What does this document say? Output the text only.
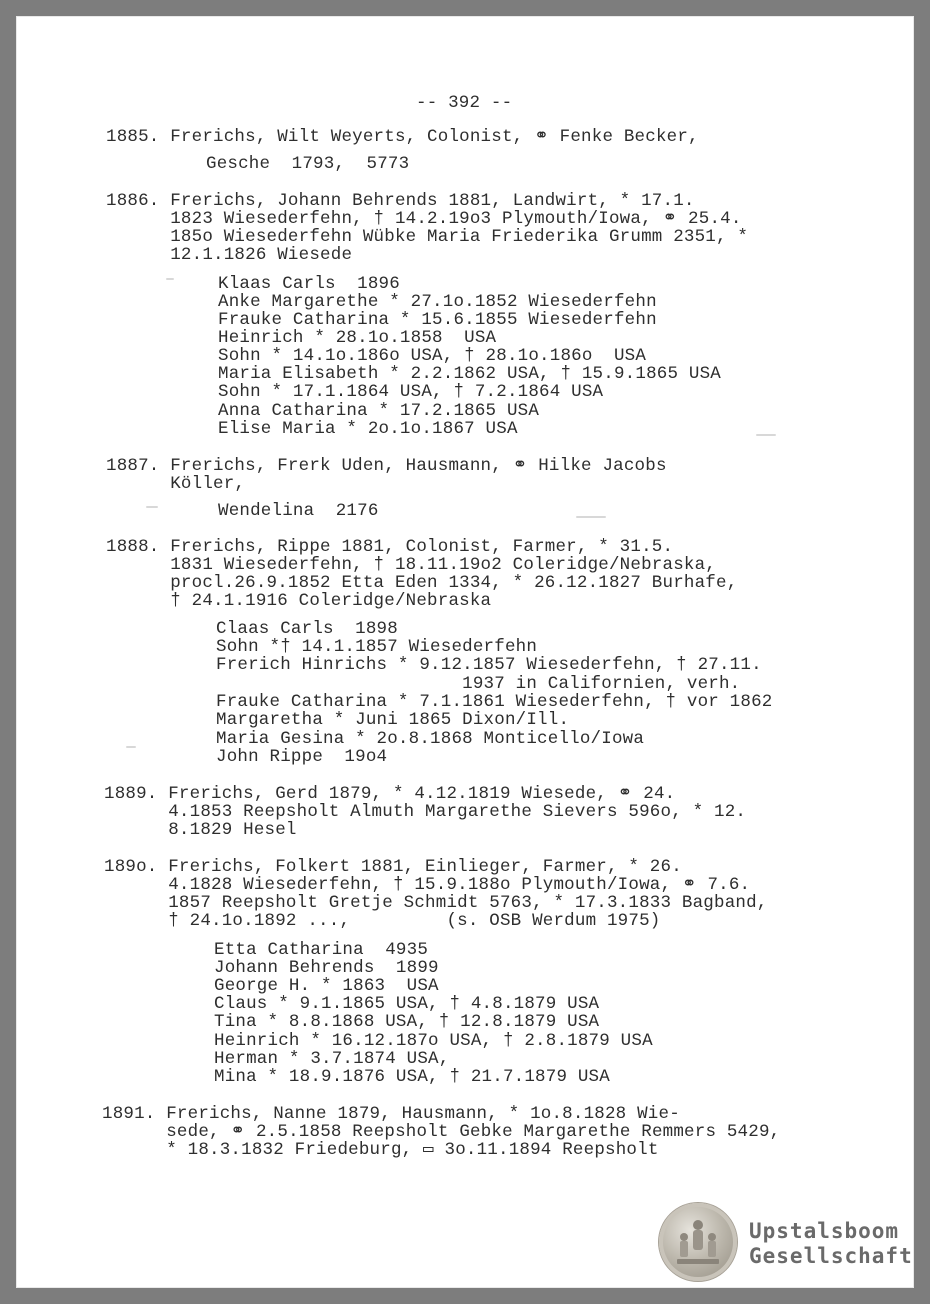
-- 392 --
1885. Frerichs, Wilt Weyerts, Colonist, ⚭ Fenke Becker,
Gesche  1793,  5773
1886. Frerichs, Johann Behrends 1881, Landwirt, * 17.1.
1823 Wiesederfehn, † 14.2.19o3 Plymouth/Iowa, ⚭ 25.4.
185o Wiesederfehn Wübke Maria Friederika Grumm 2351, *
12.1.1826 Wiesede
Klaas Carls  1896
Anke Margarethe * 27.1o.1852 Wiesederfehn
Frauke Catharina * 15.6.1855 Wiesederfehn
Heinrich * 28.1o.1858  USA
Sohn * 14.1o.186o USA, † 28.1o.186o  USA
Maria Elisabeth * 2.2.1862 USA, † 15.9.1865 USA
Sohn * 17.1.1864 USA, † 7.2.1864 USA
Anna Catharina * 17.2.1865 USA
Elise Maria * 2o.1o.1867 USA
1887. Frerichs, Frerk Uden, Hausmann, ⚭ Hilke Jacobs
Köller,
Wendelina  2176
1888. Frerichs, Rippe 1881, Colonist, Farmer, * 31.5.
1831 Wiesederfehn, † 18.11.19o2 Coleridge/Nebraska,
procl.26.9.1852 Etta Eden 1334, * 26.12.1827 Burhafe,
† 24.1.1916 Coleridge/Nebraska
Claas Carls  1898
Sohn *† 14.1.1857 Wiesederfehn
Frerich Hinrichs * 9.12.1857 Wiesederfehn, † 27.11.
1937 in Californien, verh.
Frauke Catharina * 7.1.1861 Wiesederfehn, † vor 1862
Margaretha * Juni 1865 Dixon/Ill.
Maria Gesina * 2o.8.1868 Monticello/Iowa
John Rippe  19o4
1889. Frerichs, Gerd 1879, * 4.12.1819 Wiesede, ⚭ 24.
4.1853 Reepsholt Almuth Margarethe Sievers 596o, * 12.
8.1829 Hesel
189o. Frerichs, Folkert 1881, Einlieger, Farmer, * 26.
4.1828 Wiesederfehn, † 15.9.188o Plymouth/Iowa, ⚭ 7.6.
1857 Reepsholt Gretje Schmidt 5763, * 17.3.1833 Bagband,
† 24.1o.1892 ...,         (s. OSB Werdum 1975)
Etta Catharina  4935
Johann Behrends  1899
George H. * 1863  USA
Claus * 9.1.1865 USA, † 4.8.1879 USA
Tina * 8.8.1868 USA, † 12.8.1879 USA
Heinrich * 16.12.187o USA, † 2.8.1879 USA
Herman * 3.7.1874 USA,
Mina * 18.9.1876 USA, † 21.7.1879 USA
1891. Frerichs, Nanne 1879, Hausmann, * 1o.8.1828 Wie-
sede, ⚭ 2.5.1858 Reepsholt Gebke Margarethe Remmers 5429,
* 18.3.1832 Friedeburg, ▭ 3o.11.1894 Reepsholt
Upstalsboom
Gesellschaft
